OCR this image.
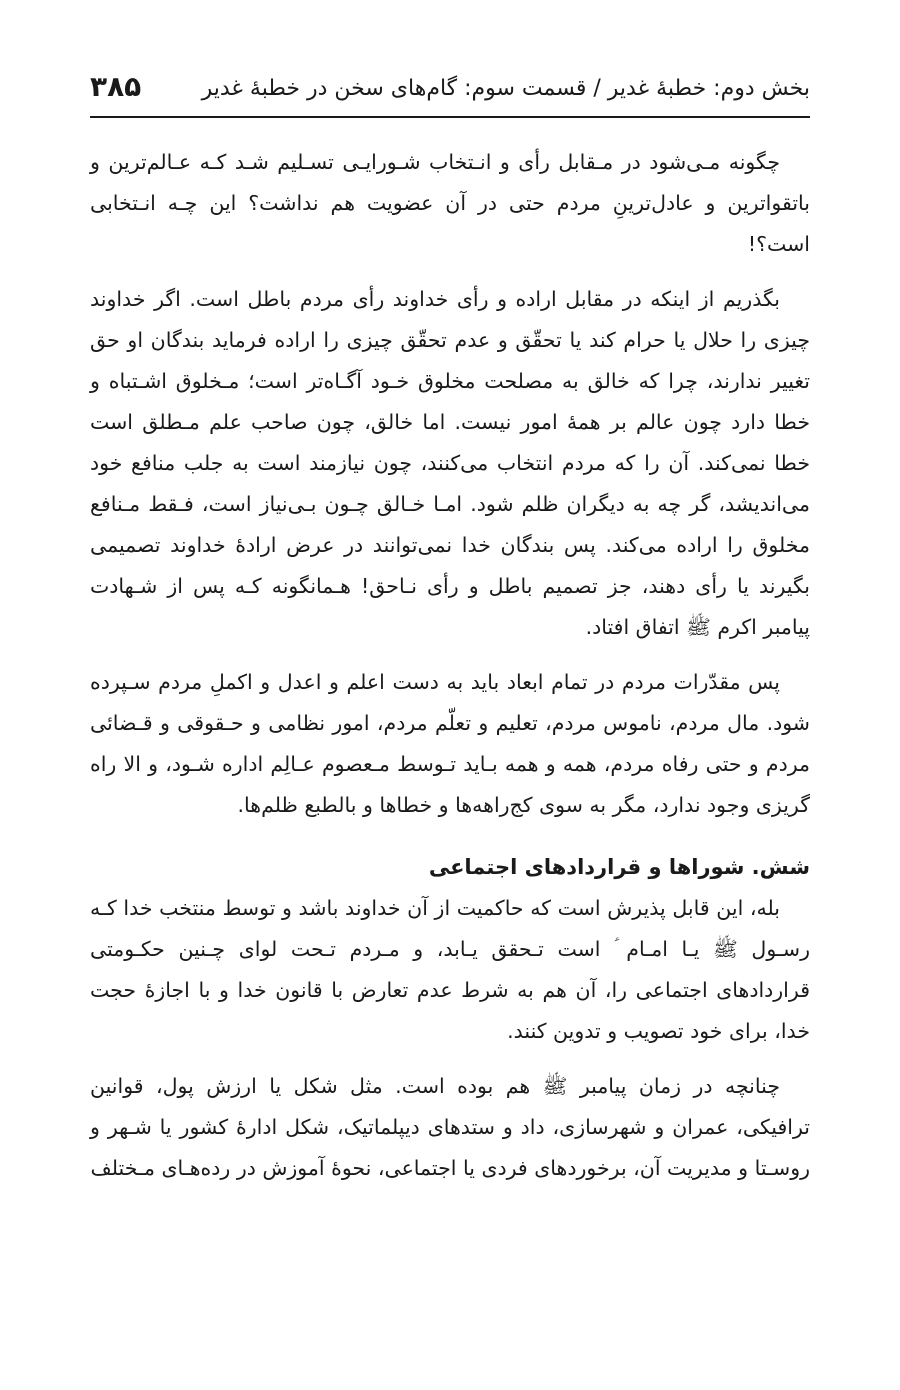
بخش دوم: خطبهٔ غدیر / قسمت سوم: گام‌های سخن در خطبهٔ غدیر
۳۸۵

چگونه مـی‌شود در مـقابل رأی و انـتخاب شـورایـی تسـلیم شـد کـه عـالم‌ترین و باتقواترین و عادل‌ترینِ مردم حتی در آن عضویت هم نداشت؟ این چـه انـتخابی است؟!

بگذریم از اینکه در مقابل اراده و رأی خداوند رأی مردم باطل است. اگر خداوند چیزی را حلال یا حرام کند یا تحقّق و عدم تحقّق چیزی را اراده فرماید بندگان او حق تغییر ندارند، چرا که خالق به مصلحت مخلوق خـود آگـاه‌تر است؛ مـخلوق اشـتباه و خطا دارد چون عالم بر همهٔ امور نیست. اما خالق، چون صاحب علم مـطلق است خطا نمی‌کند. آن را که مردم انتخاب می‌کنند، چون نیازمند است به جلب منافع خود می‌اندیشد، گر چه به دیگران ظلم شود. امـا خـالق چـون بـی‌نیاز است، فـقط مـنافع مخلوق را اراده می‌کند. پس بندگان خدا نمی‌توانند در عرض ارادهٔ خداوند تصمیمی بگیرند یا رأی دهند، جز تصمیم باطل و رأی نـاحق! هـمانگونه کـه پس از شـهادت پیامبر اکرم ﷺ اتفاق افتاد.

پس مقدّرات مردم در تمام ابعاد باید به دست اعلم و اعدل و اکملِ مردم سـپرده شود. مال مردم، ناموس مردم، تعلیم و تعلّم مردم، امور نظامی و حـقوقی و قـضائی مردم و حتی رفاه مردم، همه و همه بـاید تـوسط مـعصوم عـالِم اداره شـود، و الا راه گریزی وجود ندارد، مگر به سوی کج‌راهه‌ها و خطاها و بالطبع ظلم‌ها.

شش. شوراها و قراردادهای اجتماعی

بله، این قابل پذیرش است که حاکمیت از آن خداوند باشد و توسط منتخب خدا کـه رسـول ﷺ یـا امـام ؑ است تـحقق یـابد، و مـردم تـحت لوای چـنین حکـومتی قراردادهای اجتماعی را، آن هم به شرط عدم تعارض با قانون خدا و با اجازهٔ حجت خدا، برای خود تصویب و تدوین کنند.

چنانچه در زمان پیامبر ﷺ هم بوده است. مثل شکل یا ارزش پول، قوانین ترافیکی، عمران و شهرسازی، داد و ستدهای دیپلماتیک، شکل ادارهٔ کشور یا شـهر و روسـتا و مدیریت آن، برخوردهای فردی یا اجتماعی، نحوهٔ آموزش در رده‌هـای مـختلف
